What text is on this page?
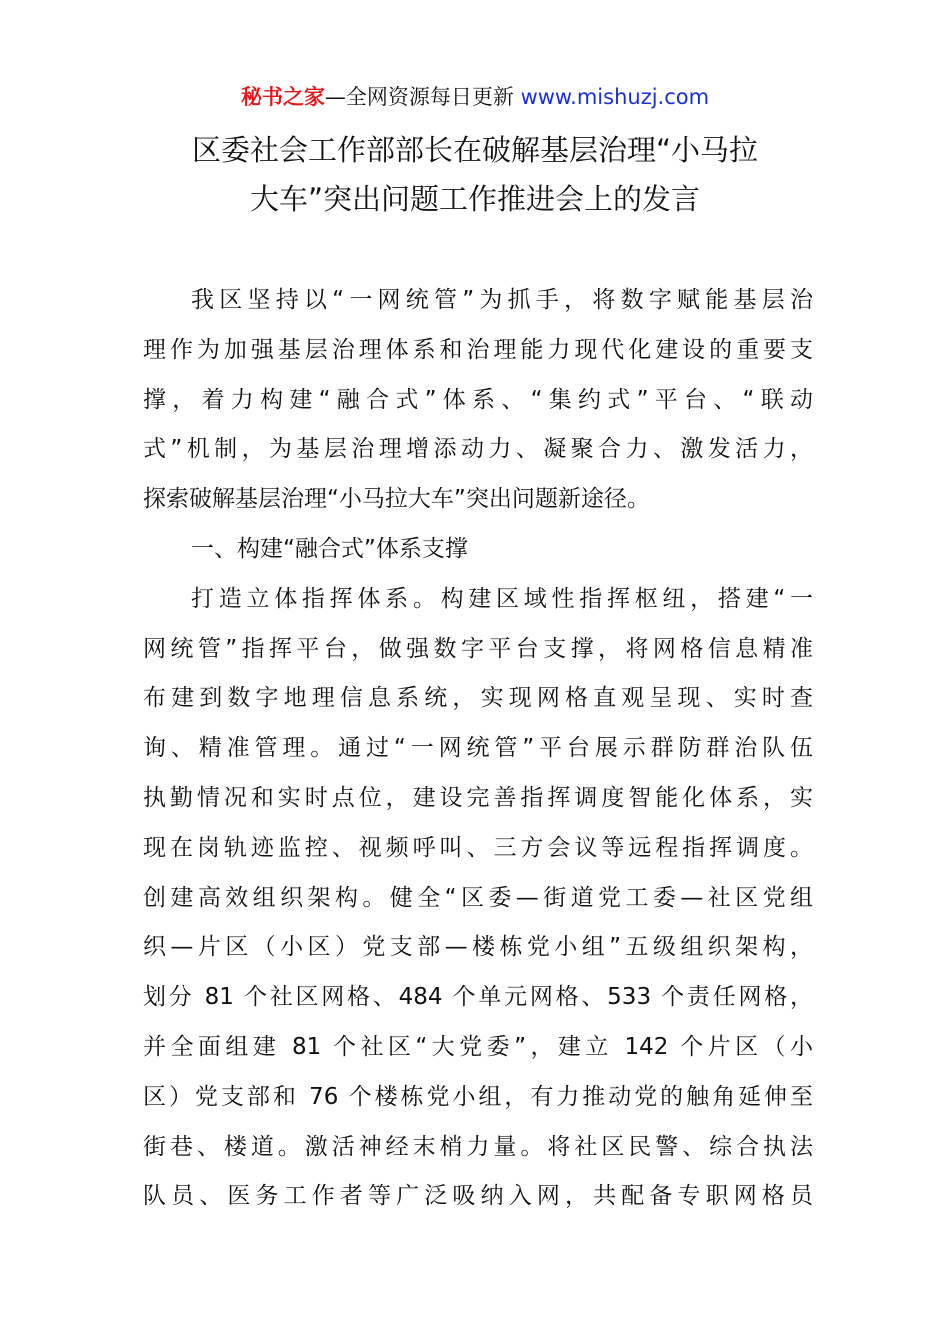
秘书之家—全网资源每日更新 www.mishuzj.com
区委社会工作部部长在破解基层治理“小马拉
大车”突出问题工作推进会上的发言
我区坚持以“一网统管”为抓手，将数字赋能基层治
理作为加强基层治理体系和治理能力现代化建设的重要支
撑，着力构建“融合式”体系、“集约式”平台、“联动
式”机制，为基层治理增添动力、凝聚合力、激发活力，
探索破解基层治理“小马拉大车”突出问题新途径。
一、构建“融合式”体系支撑
打造立体指挥体系。构建区域性指挥枢纽，搭建“一
网统管”指挥平台，做强数字平台支撑，将网格信息精准
布建到数字地理信息系统，实现网格直观呈现、实时查
询、精准管理。通过“一网统管”平台展示群防群治队伍
执勤情况和实时点位，建设完善指挥调度智能化体系，实
现在岗轨迹监控、视频呼叫、三方会议等远程指挥调度。
创建高效组织架构。健全“区委—街道党工委—社区党组
织—片区（小区）党支部—楼栋党小组”五级组织架构，
划分 81 个社区网格、484 个单元网格、533 个责任网格，
并全面组建 81 个社区“大党委”，建立 142 个片区（小
区）党支部和 76 个楼栋党小组，有力推动党的触角延伸至
街巷、楼道。激活神经末梢力量。将社区民警、综合执法
队员、医务工作者等广泛吸纳入网，共配备专职网格员
